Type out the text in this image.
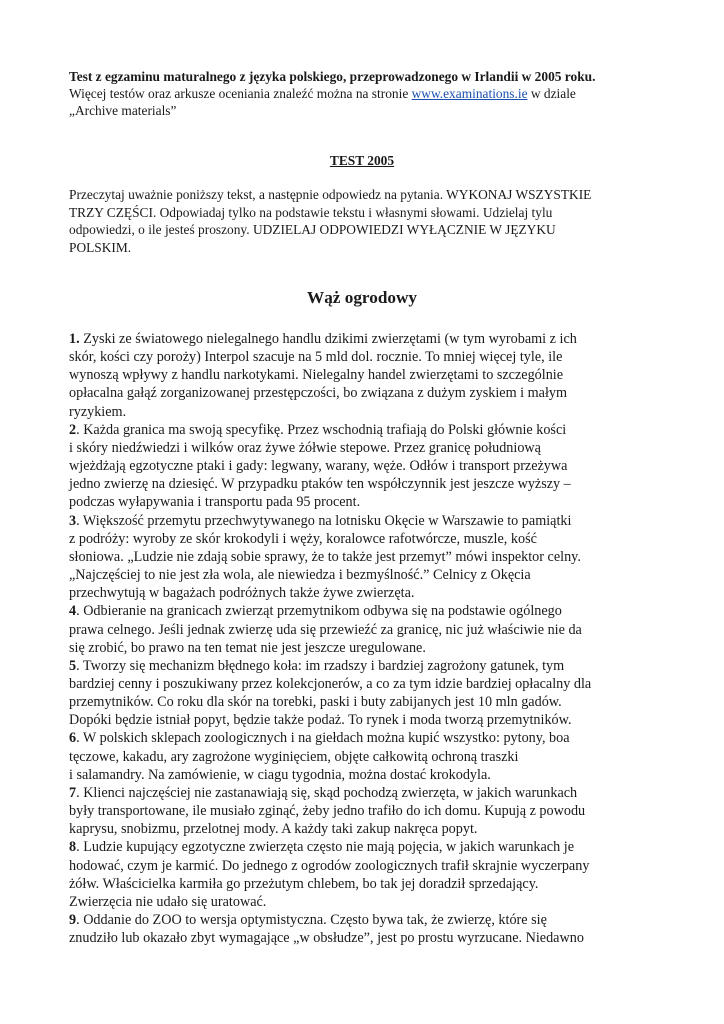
Test z egzaminu maturalnego z języka polskiego, przeprowadzonego w Irlandii w 2005 roku.
Więcej testów oraz arkusze oceniania znaleźć można na stronie www.examinations.ie w dziale
„Archive materials”
TEST 2005
Przeczytaj uważnie poniższy tekst, a następnie odpowiedz na pytania. WYKONAJ WSZYSTKIE
TRZY CZĘŚCI. Odpowiadaj tylko na podstawie tekstu i własnymi słowami. Udzielaj tylu
odpowiedzi, o ile jesteś proszony. UDZIELAJ ODPOWIEDZI WYŁĄCZNIE W JĘZYKU
POLSKIM.
Wąż ogrodowy
1. Zyski ze światowego nielegalnego handlu dzikimi zwierzętami (w tym wyrobami z ich
skór, kości czy poroży) Interpol szacuje na 5 mld dol. rocznie. To mniej więcej tyle, ile
wynoszą wpływy z handlu narkotykami. Nielegalny handel zwierzętami to szczególnie
opłacalna gałąź zorganizowanej przestępczości, bo związana z dużym zyskiem i małym
ryzykiem.
2. Każda granica ma swoją specyfikę. Przez wschodnią trafiają do Polski głównie kości
i skóry niedźwiedzi i wilków oraz żywe żółwie stepowe. Przez granicę południową
wjeżdżają egzotyczne ptaki i gady: legwany, warany, węże. Odłów i transport przeżywa
jedno zwierzę na dziesięć. W przypadku ptaków ten współczynnik jest jeszcze wyższy –
podczas wyłapywania i transportu pada 95 procent.
3. Większość przemytu przechwytywanego na lotnisku Okęcie w Warszawie to pamiątki
z podróży: wyroby ze skór krokodyli i węży, koralowce rafotwórcze, muszle, kość
słoniowa. „Ludzie nie zdają sobie sprawy, że to także jest przemyt” mówi inspektor celny.
„Najczęściej to nie jest zła wola, ale niewiedza i bezmyślność.” Celnicy z Okęcia
przechwytują w bagażach podróżnych także żywe zwierzęta.
4. Odbieranie na granicach zwierząt przemytnikom odbywa się na podstawie ogólnego
prawa celnego. Jeśli jednak zwierzę uda się przewieźć za granicę, nic już właściwie nie da
się zrobić, bo prawo na ten temat nie jest jeszcze uregulowane.
5. Tworzy się mechanizm błędnego koła: im rzadszy i bardziej zagrożony gatunek, tym
bardziej cenny i poszukiwany przez kolekcjonerów, a co za tym idzie bardziej opłacalny dla
przemytników. Co roku dla skór na torebki, paski i buty zabijanych jest 10 mln gadów.
Dopóki będzie istniał popyt, będzie także podaż. To rynek i moda tworzą przemytników.
6. W polskich sklepach zoologicznych i na giełdach można kupić wszystko: pytony, boa
tęczowe, kakadu, ary zagrożone wyginięciem, objęte całkowitą ochroną traszki
i salamandry. Na zamówienie, w ciagu tygodnia, można dostać krokodyla.
7. Klienci najczęściej nie zastanawiają się, skąd pochodzą zwierzęta, w jakich warunkach
były transportowane, ile musiało zginąć, żeby jedno trafiło do ich domu. Kupują z powodu
kaprysu, snobizmu, przelotnej mody. A każdy taki zakup nakręca popyt.
8. Ludzie kupujący egzotyczne zwierzęta często nie mają pojęcia, w jakich warunkach je
hodować, czym je karmić. Do jednego z ogrodów zoologicznych trafił skrajnie wyczerpany
żółw. Właścicielka karmiła go przeżutym chlebem, bo tak jej doradził sprzedający.
Zwierzęcia nie udało się uratować.
9. Oddanie do ZOO to wersja optymistyczna. Często bywa tak, że zwierzę, które się
znudziło lub okazało zbyt wymagające „w obsłudze”, jest po prostu wyrzucane. Niedawno
